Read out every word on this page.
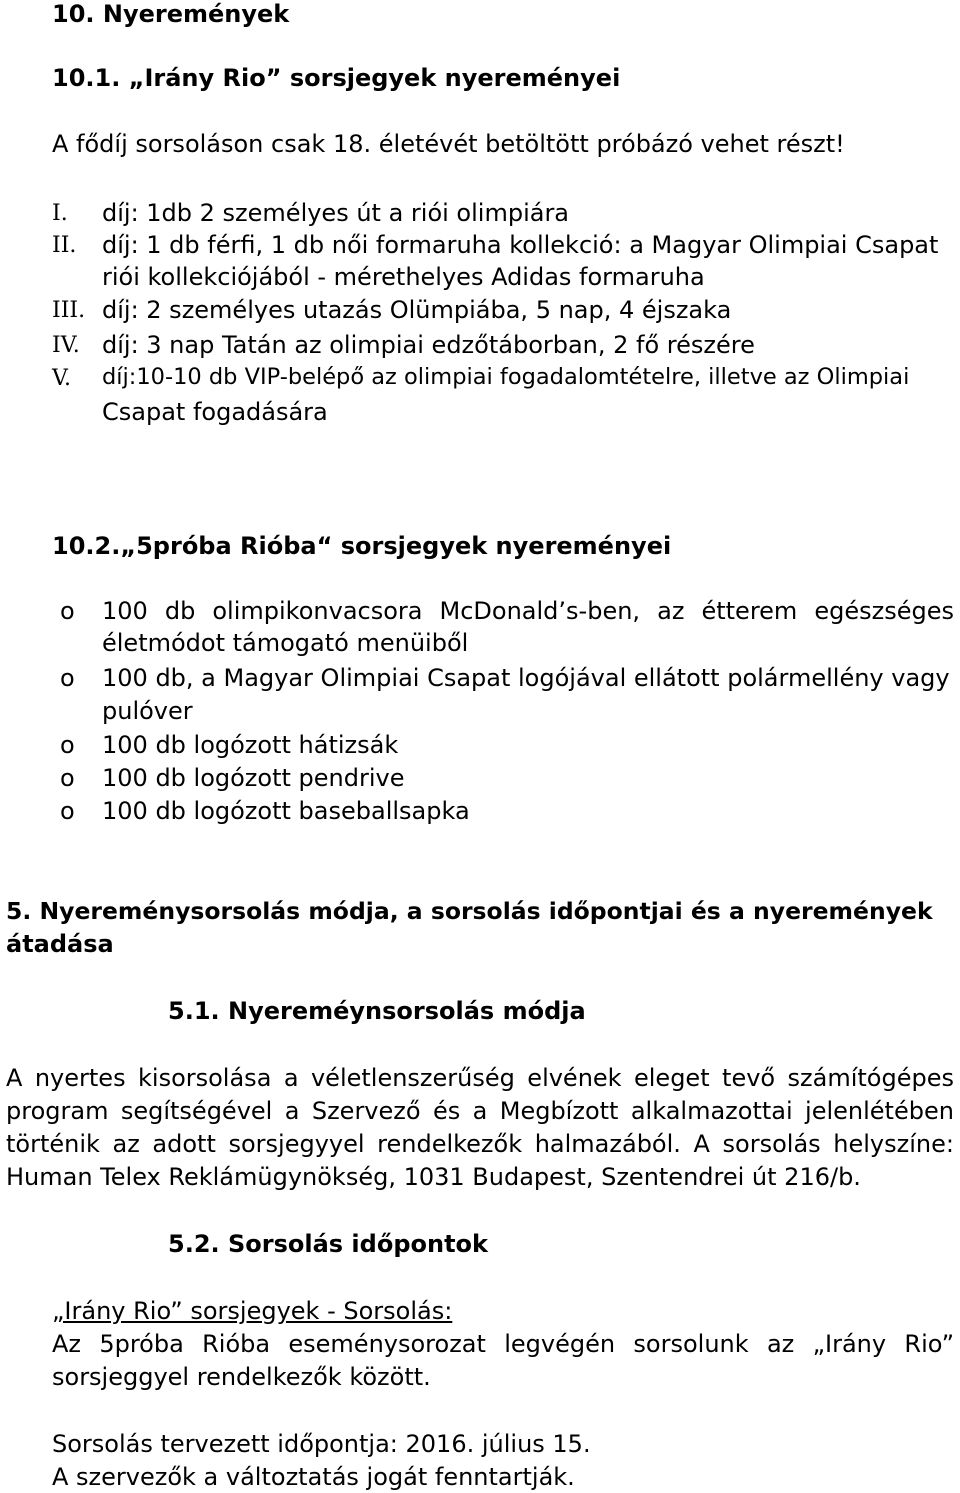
10. Nyeremények
10.1. „Irány Rio” sorsjegyek nyereményei
A fődíj sorsoláson csak 18. életévét betöltött próbázó vehet részt!
I. díj: 1db 2 személyes út a riói olimpiára
II. díj: 1 db férfi, 1 db női formaruha kollekció: a Magyar Olimpiai Csapat
riói kollekciójából - mérethelyes Adidas formaruha
III. díj: 2 személyes utazás Olümpiába, 5 nap, 4 éjszaka
IV. díj: 3 nap Tatán az olimpiai edzőtáborban, 2 fő részére
V. díj:10-10 db VIP-belépő az olimpiai fogadalomtételre, illetve az Olimpiai
Csapat fogadására
10.2.„5próba Rióba“ sorsjegyek nyereményei
o 100 db olimpikonvacsora McDonald’s-ben, az étterem egészséges
életmódot támogató menüiből
o 100 db, a Magyar Olimpiai Csapat logójával ellátott polármellény vagy
pulóver
o 100 db logózott hátizsák
o 100 db logózott pendrive
o 100 db logózott baseballsapka
5. Nyereménysorsolás módja, a sorsolás időpontjai és a nyeremények
átadása
5.1. Nyereméynsorsolás módja
A nyertes kisorsolása a véletlenszerűség elvének eleget tevő számítógépes
program segítségével a Szervező és a Megbízott alkalmazottai jelenlétében
történik az adott sorsjegyyel rendelkezők halmazából. A sorsolás helyszíne:
Human Telex Reklámügynökség, 1031 Budapest, Szentendrei út 216/b.
5.2. Sorsolás időpontok
„Irány Rio” sorsjegyek - Sorsolás:
Az 5próba Rióba eseménysorozat legvégén sorsolunk az „Irány Rio”
sorsjeggyel rendelkezők között.
Sorsolás tervezett időpontja: 2016. július 15.
A szervezők a változtatás jogát fenntartják.
